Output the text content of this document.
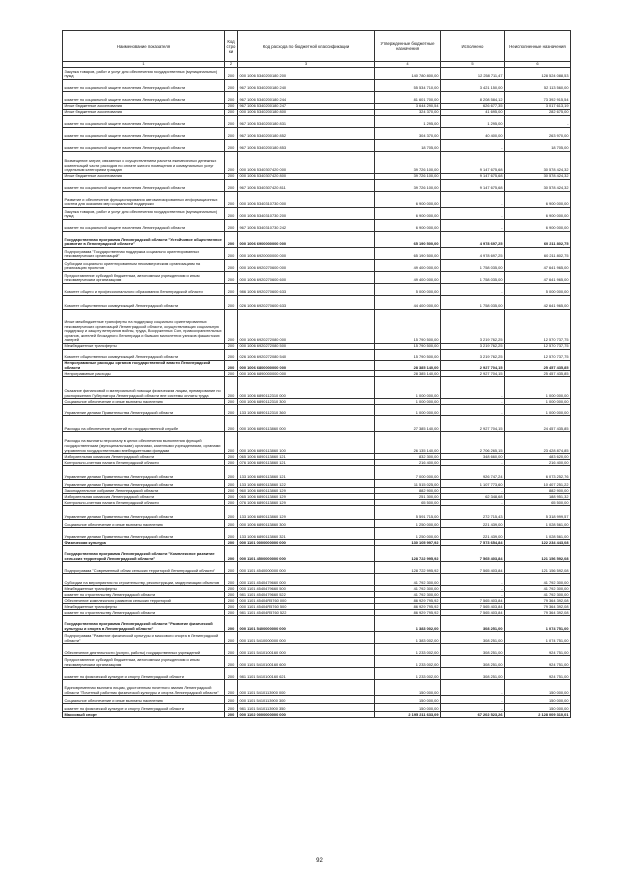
Наименование показателя	Код стро ки	Код расхода по бюджетной классификации	Утвержденные бюджетные назначения	Исполнено	Неисполненные назначения
1	2	3	4	5	6
Закупка товаров, работ и услуг для обеспечения государственных (муниципальных) нужд	200	000 1006 5340200180 200	140 780 800,00	12 258 711,47	128 524 088,53
комитет по социальной защите населения Ленинградской области	200	967 1006 5340200180 240	55 534 710,00	3 421 150,00	52 113 560,00
комитет по социальной защите населения Ленинградской области	200	967 1006 5340200180 244	81 601 700,00	8 208 584,12	73 392 915,54
Иные бюджетные ассигнования	200	967 1006 5340200180 247	3 644 290,54	626 677,35	3 017 613,19
Иные бюджетные ассигнования	200	000 1006 5340200180 800	324 370,00	41 695,00	282 675,00
комитет по социальной защите населения Ленинградской области	200	967 1006 5340200180 831	1 295,00	1 295,00	-
комитет по социальной защите населения Ленинградской области	200	967 1006 5340200180 852	304 370,00	40 400,00	263 970,00
комитет по социальной защите населения Ленинградской области	200	967 1006 5340200180 853	18 705,00	-	18 705,00
Возмещение затрат, связанных с осуществлением расчета ежемесячных денежных компенсаций части расходов по оплате жилого помещения и коммунальных услуг отдельным категориям граждан	200	000 1006 5340307420 000	39 726 100,00	9 147 675,68	30 578 424,32
Иные бюджетные ассигнования	200	000 1006 5340307420 800	39 726 100,00	9 147 675,68	30 578 424,32
комитет по социальной защите населения Ленинградской области	200	967 1006 5340307420 811	39 726 100,00	9 147 675,68	30 578 424,32
Развитие и обеспечение функционирования автоматизированных информационных систем для оказания мер социальной поддержки	200	000 1006 5340310730 000	6 900 000,00	-	6 900 000,00
Закупка товаров, работ и услуг для обеспечения государственных (муниципальных) нужд	200	000 1006 5340310730 200	6 900 000,00	-	6 900 000,00
комитет по социальной защите населения Ленинградской области	200	967 1006 5340310730 242	6 900 000,00	-	6 900 000,00
Государственная программа Ленинградской области "Устойчивое общественное развитие в Ленинградской области"	200	000 1006 6900000000 000	65 190 500,00	4 978 697,25	60 211 802,75
Подпрограмма "Государственная поддержка социально ориентированных некоммерческих организаций"	200	000 1006 6920000000 000	65 190 500,00	4 978 697,25	60 211 802,75
Субсидии социально ориентированным некоммерческим организациям на реализацию проектов	200	000 1006 6920270600 000	49 400 000,00	1 758 035,00	47 641 965,00
Предоставление субсидий бюджетным, автономным учреждениям и иным некоммерческим организациям	200	000 1006 6920270600 600	49 400 000,00	1 758 035,00	47 641 965,00
Комитет общего и профессионального образования Ленинградской области	200	986 1006 6920270600 633	5 000 000,00	-	5 000 000,00
Комитет общественных коммуникаций Ленинградской области	200	026 1006 6920270600 633	44 400 000,00	1 758 035,00	42 641 965,00
Иные межбюджетные трансферты на поддержку социально ориентированных некоммерческих организаций Ленинградской области, осуществляющих социальную поддержку и защиту ветеранов войны, труда, Вооруженных Сил, правоохранительных органов, жителей блокадного Ленинграда и бывших малолетних узников фашистских лагерей	200	000 1006 6920272080 000	15 790 500,00	3 219 762,25	12 570 737,75
Межбюджетные трансферты	200	000 1006 6920272080 500	15 790 500,00	3 219 762,25	12 570 737,75
Комитет общественных коммуникаций Ленинградской области	200	026 1006 6920272080 540	15 790 500,00	3 219 762,25	12 570 737,75
Непрограммные расходы органов государственной власти Ленинградской области	200	000 1006 6800000000 000	28 385 140,00	2 927 704,15	25 457 435,85
Непрограммные расходы	200	000 1006 6890000000 000	28 385 140,00	2 927 704,15	25 457 435,85
Оказание финансовой и материальной помощи физическим лицам, премирование по распоряжению Губернатора Ленинградской области вне системы оплаты труда	200	000 1006 6890112310 000	1 000 000,00	-	1 000 000,00
Социальное обеспечение и иные выплаты населению	200	000 1006 6890112310 300	1 000 000,00	-	1 000 000,00
Управление делами Правительства Ленинградской области	200	133 1006 6890112310 360	1 000 000,00	-	1 000 000,00
Расходы на обеспечение гарантий по государственной службе	200	000 1006 6890113860 000	27 385 140,00	2 927 704,15	24 457 435,85
Расходы на выплаты персоналу в целях обеспечения выполнения функций государственными (муниципальными) органами, казенными учреждениями, органами управления государственными внебюджетными фондами	200	000 1006 6890113860 100	26 135 140,00	2 706 265,15	23 428 874,85
Избирательная комиссия Ленинградской области	200	065 1006 6890113860 121	832 300,00	348 660,00	483 620,00
Контрольно-счетная палата Ленинградской области	200	076 1006 6890113860 121	216 400,00	-	216 400,00
Управление делами Правительства Ленинградской области	200	133 1006 6890113860 121	7 000 000,00	926 747,24	6 073 252,76
Управление делами Правительства Ленинградской области	200	133 1006 6890113860 122	11 515 025,00	1 107 773,60	10 407 251,22
Законодательное собрание Ленинградской области	200	960 1006 6890113860 129	882 900,00	-	882 900,00
Избирательная комиссия Ленинградской области	200	065 1006 6890113860 129	251 300,00	62 348,68	188 951,32
Контрольно-счетная палата Ленинградской области	200	076 1006 6890113860 129	65 500,00	-	65 500,00
Управление делами Правительства Ленинградской области	200	133 1006 6890113860 129	5 591 715,00	272 715,43	5 318 999,57
Социальное обеспечение и иные выплаты населению	200	000 1006 6890113860 300	1 250 000,00	221 439,00	1 028 561,00
Управление делами Правительства Ленинградской области	200	133 1006 6890113860 321	1 250 000,00	221 439,00	1 028 561,00
Физическая культура	200	000 1101 0000000000 000	130 105 997,92	7 573 654,84	122 234 443,08
Государственная программа Ленинградской области "Комплексное развитие сельских территорий Ленинградской области"	200	000 1101 4500000000 000	128 722 995,92	7 565 403,84	121 156 592,08
Подпрограмма "Современный облик сельских территорий Ленинградской области"	200	000 1101 4540000000 000	128 722 995,92	7 565 403,84	121 156 592,08
Субсидии на мероприятия по строительству, реконструкции, модернизации объектов	200	000 1101 4540479660 000	41 792 300,00	-	41 792 300,00
Межбюджетные трансферты	200	000 1101 4540479660 500	41 792 300,00	-	41 792 300,00
комитет по строительству Ленинградской области	200	981 1101 4540479660 522	41 792 300,00	-	41 792 300,00
Обеспечение комплексного развития сельских территорий	200	000 1101 45404R5760 000	86 929 795,92	7 565 403,84	79 364 392,08
Межбюджетные трансферты	200	000 1101 45404R5760 500	86 929 795,92	7 565 403,84	79 364 392,08
комитет по строительству Ленинградской области	200	981 1101 45404R5760 522	86 929 795,92	7 565 403,84	79 364 392,08
Государственная программа Ленинградской области "Развитие физической культуры и спорта в Ленинградской области"	200	000 1101 5400000000 000	1 383 002,00	308 251,00	1 074 751,00
Подпрограмма "Развитие физической культуры и массового спорта в Ленинградской области"	200	000 1101 5410000000 000	1 383 002,00	308 251,00	1 074 751,00
Обеспечение деятельности (услуги, работы) государственных учреждений	200	000 1101 5410100160 000	1 233 002,00	308 251,00	924 751,00
Предоставление субсидий бюджетным, автономным учреждениям и иным некоммерческим организациям	200	000 1101 5410100160 600	1 233 002,00	308 251,00	924 751,00
комитет по физической культуре и спорту Ленинградской области	200	981 1101 5410100160 621	1 233 002,00	308 251,00	924 751,00
Единовременная выплата лицам, удостоенным почетного звания Ленинградской области "Почетный работник физической культуры и спорта Ленинградской области"	200	000 1101 5410113900 000	150 000,00	-	150 000,00
Социальное обеспечение и иные выплаты населению	200	000 1101 5410113900 300	150 000,00	-	150 000,00
комитет по физической культуре и спорту Ленинградской области	200	981 1101 5410113900 350	150 000,00	-	150 000,00
Массовый спорт	200	000 1102 0000000000 000	2 195 211 633,09	67 202 523,26	2 128 009 310,01
92
